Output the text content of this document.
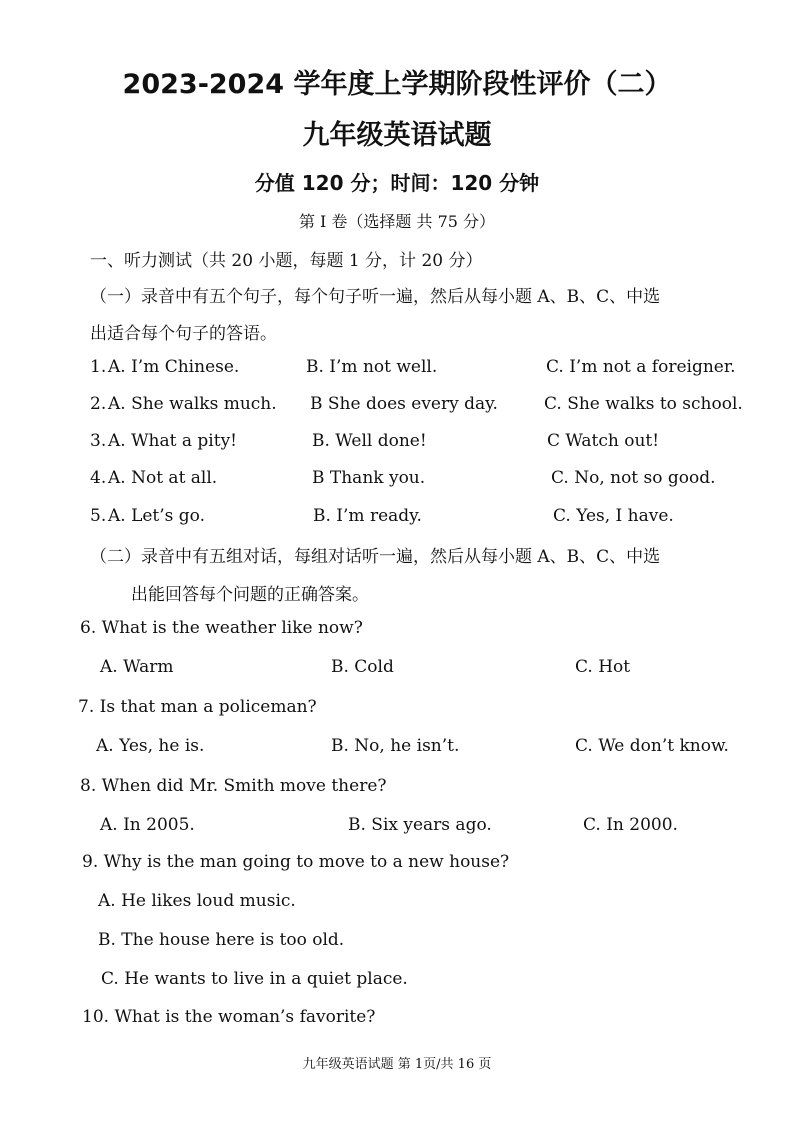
2023-2024 学年度上学期阶段性评价（二）
九年级英语试题
分值 120 分；时间：120 分钟
第 I 卷（选择题 共 75 分）
一、听力测试（共 20 小题，每题 1 分，计 20 分）
（一）录音中有五个句子，每个句子听一遍，然后从每小题 A、B、C、中选
出适合每个句子的答语。
1. A. I’m Chinese.	B. I’m not well.	C. I’m not a foreigner.
2. A. She walks much. B She does every day.	C. She walks to school.
3. A. What a pity!	B. Well done!	C Watch out!
4. A. Not at all.	B Thank you.	C. No, not so good.
5. A. Let’s go.	B. I’m ready.	C. Yes, I have.
（二）录音中有五组对话，每组对话听一遍，然后从每小题 A、B、C、中选
出能回答每个问题的正确答案。
6. What is the weather like now?
A. Warm	B. Cold	C. Hot
7. Is that man a policeman?
A. Yes, he is.	B. No, he isn’t.	C. We don’t know.
8. When did Mr. Smith move there?
A. In 2005.	B. Six years ago.	C. In 2000.
9. Why is the man going to move to a new house?
A. He likes loud music.
B. The house here is too old.
C. He wants to live in a quiet place.
10. What is the woman’s favorite?
九年级英语试题 第 1页/共 16 页
